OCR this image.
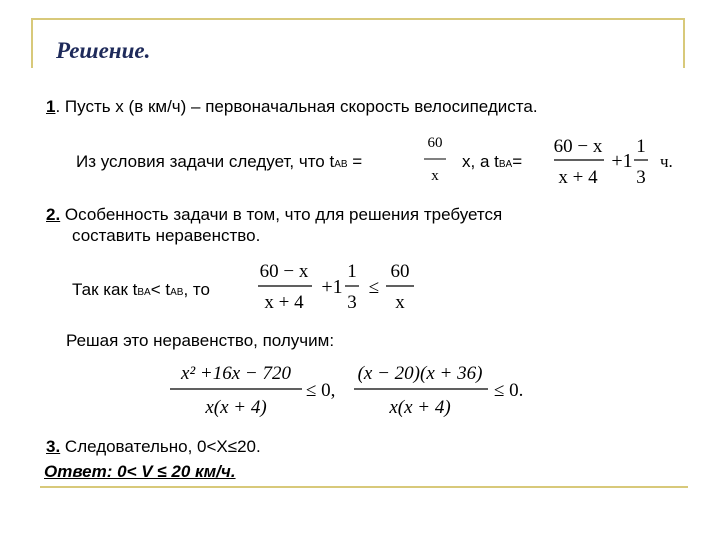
Решение.
1. Пусть х (в км/ч) – первоначальная скорость велосипедиста.
Из условия задачи следует, что tAB =
60
x
х, а tBA=
60 − x
x + 4
+1
1
3
ч.
2. Особенность задачи в том, что для решения требуется
составить неравенство.
Так как tBA< tAB, то
60 − x
x + 4
+1
1
3
≤
60
x
Решая это неравенство, получим:
x² +16x − 720
x(x + 4)
≤ 0,
(x − 20)(x + 36)
x(x + 4)
≤ 0.
3. Следовательно, 0<Х≤20.
Ответ: 0< V ≤ 20 км/ч.
